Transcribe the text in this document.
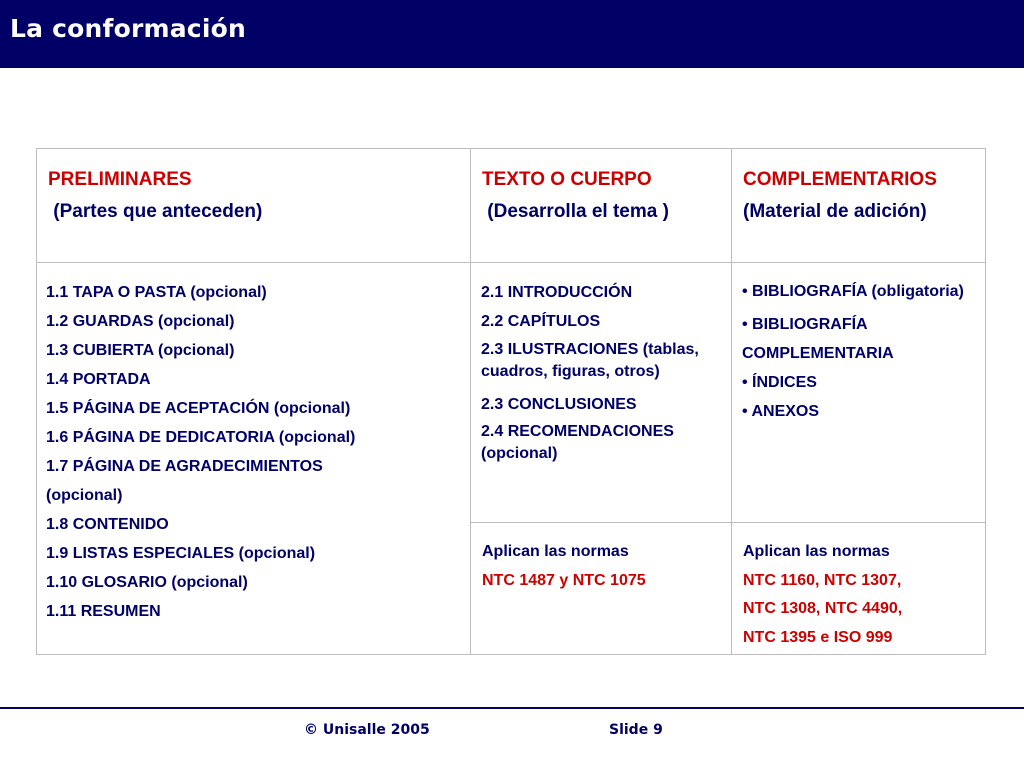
La conformación
PRELIMINARES
(Partes que anteceden)
TEXTO O CUERPO
(Desarrolla el tema )
COMPLEMENTARIOS
(Material de adición)
1.1 TAPA O PASTA (opcional)
1.2 GUARDAS (opcional)
1.3 CUBIERTA (opcional)
1.4 PORTADA
1.5 PÁGINA DE ACEPTACIÓN (opcional)
1.6 PÁGINA DE DEDICATORIA (opcional)
1.7 PÁGINA DE AGRADECIMIENTOS
(opcional)
1.8 CONTENIDO
1.9 LISTAS ESPECIALES (opcional)
1.10 GLOSARIO (opcional)
1.11 RESUMEN
2.1 INTRODUCCIÓN
2.2 CAPÍTULOS
2.3 ILUSTRACIONES (tablas, cuadros, figuras, otros)
2.3 CONCLUSIONES
2.4 RECOMENDACIONES (opcional)
• BIBLIOGRAFÍA (obligatoria)
• BIBLIOGRAFÍA
COMPLEMENTARIA
• ÍNDICES
• ANEXOS
Aplican las normas
NTC 1487 y NTC 1075
Aplican las normas
NTC 1160, NTC 1307,
NTC 1308, NTC 4490,
NTC 1395 e ISO 999
© Unisalle 2005	Slide 9
